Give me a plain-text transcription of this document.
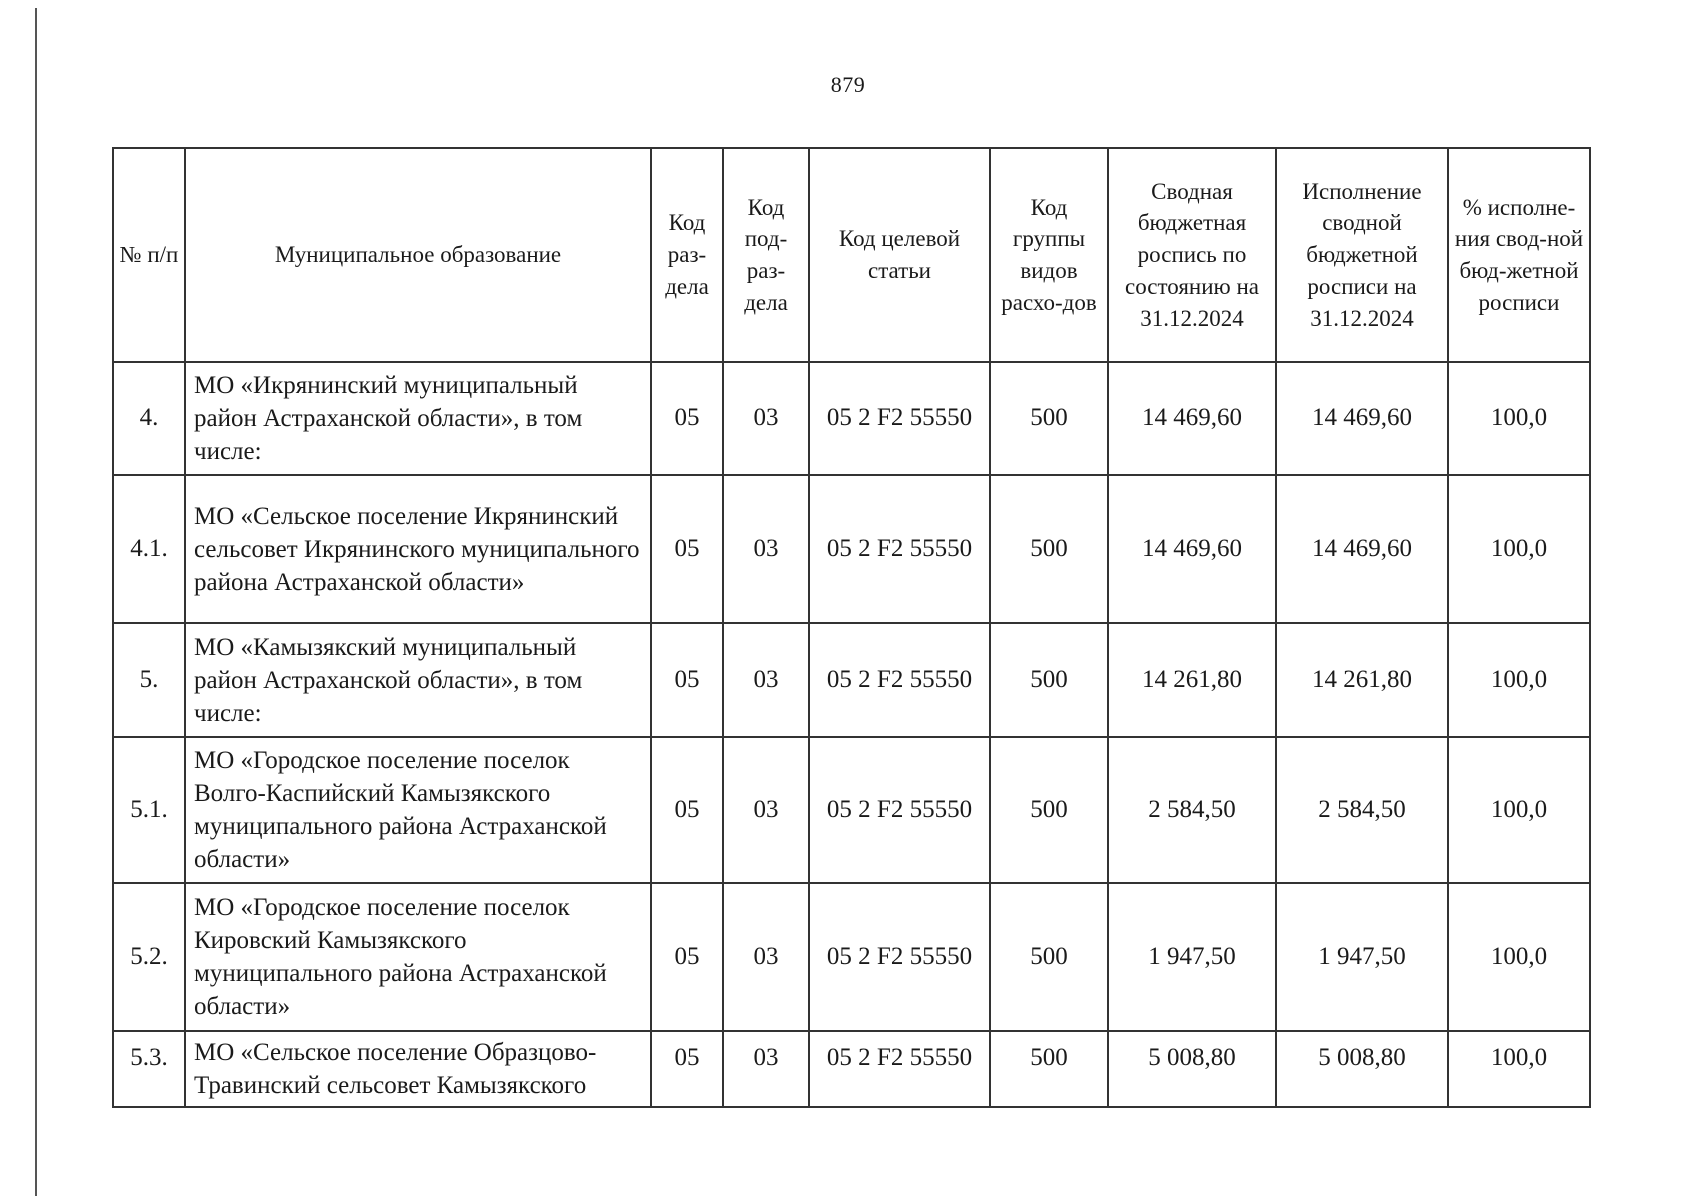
879
№ п/п	Муниципальное образование	Код раз-дела	Код под-раз-дела	Код целевой статьи	Код группы видов расхо-дов	Сводная бюджетная роспись по состоянию на 31.12.2024	Исполнение сводной бюджетной росписи на 31.12.2024	% исполне-ния свод-ной бюд-жетной росписи
4.	МО «Икрянинский муниципальный район Астраханской области», в том числе:	05	03	05 2 F2 55550	500	14 469,60	14 469,60	100,0
4.1.	МО «Сельское поселение Икрянинский сельсовет Икрянинского муниципального района Астраханской области»	05	03	05 2 F2 55550	500	14 469,60	14 469,60	100,0
5.	МО «Камызякский муниципальный район Астраханской области», в том числе:	05	03	05 2 F2 55550	500	14 261,80	14 261,80	100,0
5.1.	МО «Городское поселение поселок Волго-Каспийский Камызякского муниципального района Астраханской области»	05	03	05 2 F2 55550	500	2 584,50	2 584,50	100,0
5.2.	МО «Городское поселение поселок Кировский Камызякского муниципального района Астраханской области»	05	03	05 2 F2 55550	500	1 947,50	1 947,50	100,0
5.3.	МО «Сельское поселение Образцово-Травинский сельсовет Камызякского	05	03	05 2 F2 55550	500	5 008,80	5 008,80	100,0
